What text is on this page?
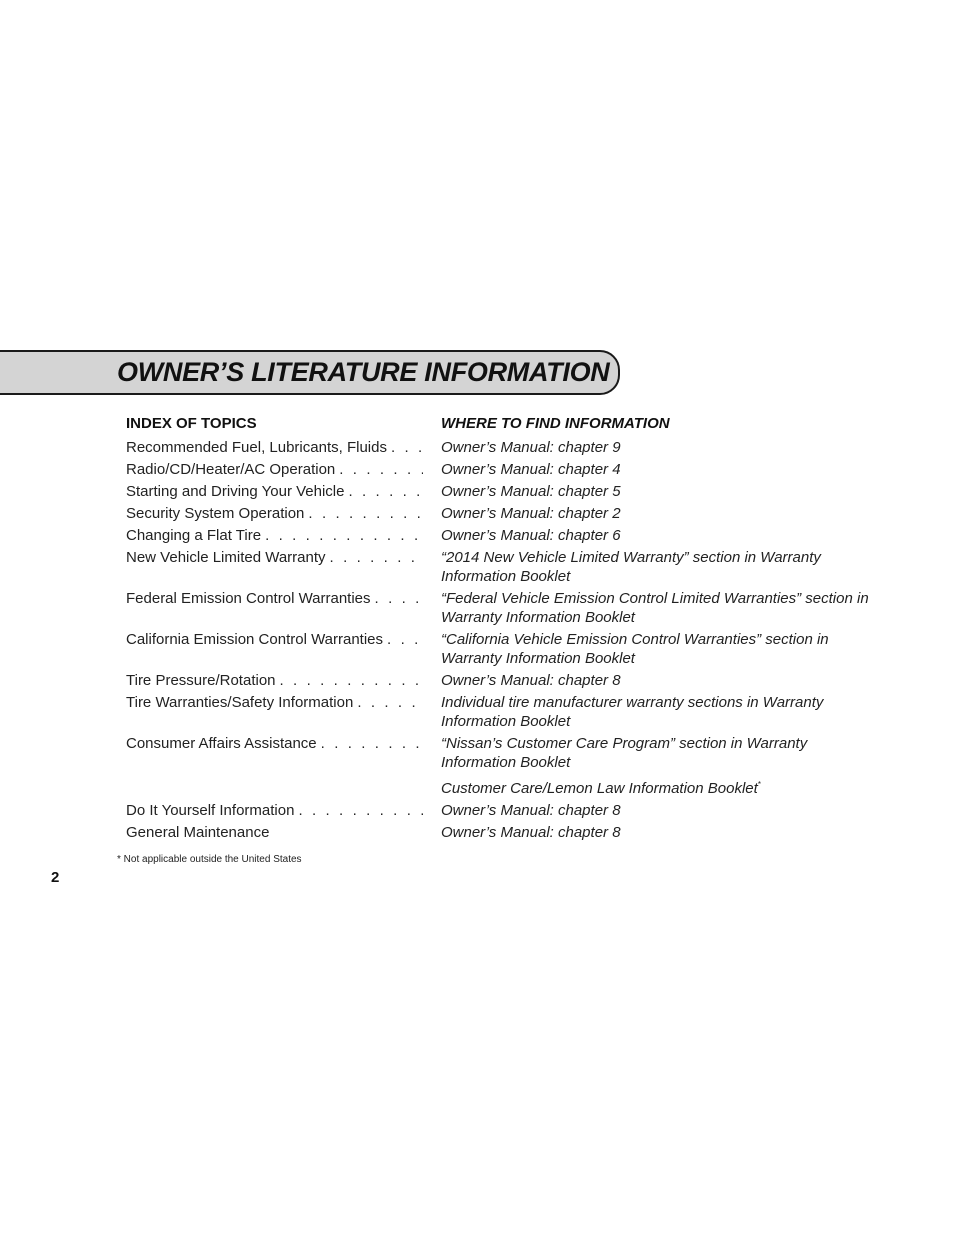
OWNER’S LITERATURE INFORMATION
INDEX OF TOPICS	WHERE TO FIND INFORMATION
Recommended Fuel, Lubricants, Fluids . . .	Owner’s Manual: chapter 9
Radio/CD/Heater/AC Operation . . .	Owner’s Manual: chapter 4
Starting and Driving Your Vehicle . . .	Owner’s Manual: chapter 5
Security System Operation . . .	Owner’s Manual: chapter 2
Changing a Flat Tire . . .	Owner’s Manual: chapter 6
New Vehicle Limited Warranty . . .	“2014 New Vehicle Limited Warranty” section in Warranty
Information Booklet
Federal Emission Control Warranties . . .	“Federal Vehicle Emission Control Limited Warranties” section in
Warranty Information Booklet
California Emission Control Warranties . . .	“California Vehicle Emission Control Warranties” section in
Warranty Information Booklet
Tire Pressure/Rotation . . .	Owner’s Manual: chapter 8
Tire Warranties/Safety Information . . .	Individual tire manufacturer warranty sections in Warranty
Information Booklet
Consumer Affairs Assistance . . .	“Nissan’s Customer Care Program” section in Warranty
Information Booklet
Customer Care/Lemon Law Information Booklet*
Do It Yourself Information . . .	Owner’s Manual: chapter 8
General Maintenance	Owner’s Manual: chapter 8
* Not applicable outside the United States
2
